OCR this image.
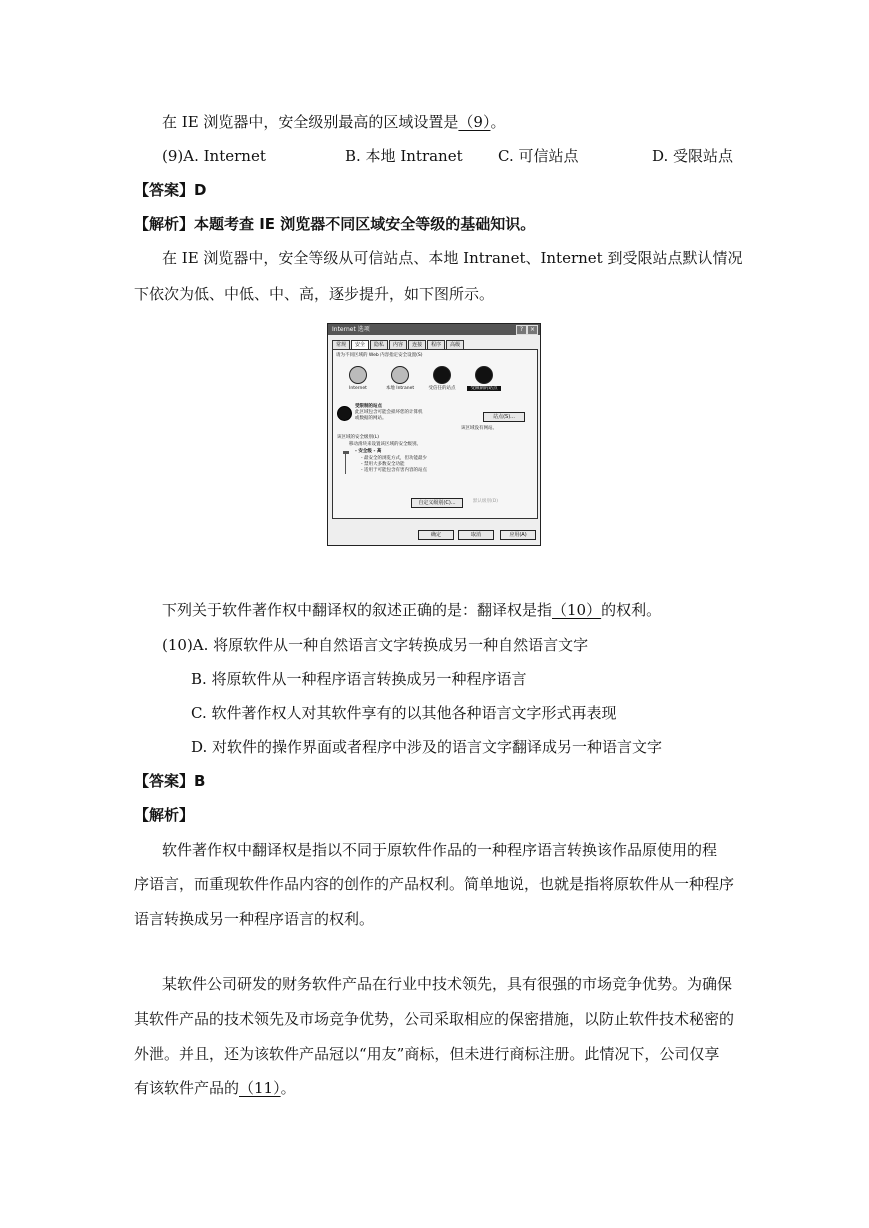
在 IE 浏览器中，安全级别最高的区域设置是（9）。
(9)A. Internet	B. 本地 Intranet C. 可信站点	D. 受限站点
【答案】D
【解析】本题考查 IE 浏览器不同区域安全等级的基础知识。
在 IE 浏览器中，安全等级从可信站点、本地 Intranet、Internet 到受限站点默认情况
下依次为低、中低、中、高，逐步提升，如下图所示。
Internet 选项	?	×
常规 安全 隐私 内容 连接 程序 高级
请为不同区域的 Web 内容指定安全设置(S)
Internet	本地 Intranet	受信任的站点	受限制的站点
受限制的站点
此区域包含可能会损坏您的计算机
或数据的网站。	站点(S)...
该区域没有网站。
该区域的安全级别(L)
移动滑块来设置该区域的安全级别。
- 安全级 - 高
- 最安全的浏览方式，但功能最少
- 禁用大多数安全功能
- 适用于可能包含有害内容的站点
自定义级别(C)...	默认级别(D)
确定	取消	应用(A)
下列关于软件著作权中翻译权的叙述正确的是：翻译权是指（10）的权利。
(10)A. 将原软件从一种自然语言文字转换成另一种自然语言文字
B. 将原软件从一种程序语言转换成另一种程序语言
C. 软件著作权人对其软件享有的以其他各种语言文字形式再表现
D. 对软件的操作界面或者程序中涉及的语言文字翻译成另一种语言文字
【答案】B
【解析】
软件著作权中翻译权是指以不同于原软件作品的一种程序语言转换该作品原使用的程
序语言，而重现软件作品内容的创作的产品权利。简单地说，也就是指将原软件从一种程序
语言转换成另一种程序语言的权利。
某软件公司研发的财务软件产品在行业中技术领先，具有很强的市场竞争优势。为确保
其软件产品的技术领先及市场竞争优势，公司采取相应的保密措施，以防止软件技术秘密的
外泄。并且，还为该软件产品冠以“用友”商标，但未进行商标注册。此情况下，公司仅享
有该软件产品的（11）。
